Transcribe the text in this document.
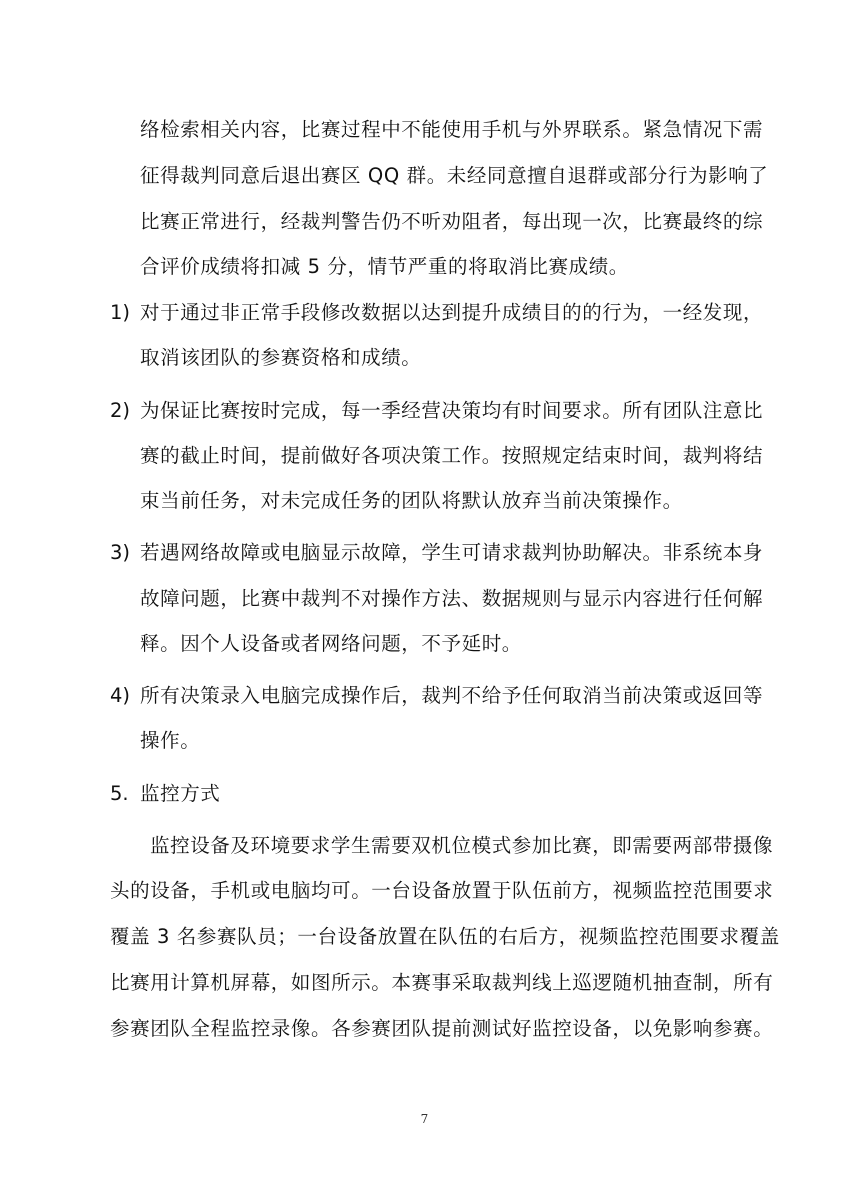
络检索相关内容，比赛过程中不能使用手机与外界联系。紧急情况下需
征得裁判同意后退出赛区 QQ 群。未经同意擅自退群或部分行为影响了
比赛正常进行，经裁判警告仍不听劝阻者，每出现一次，比赛最终的综
合评价成绩将扣减 5 分，情节严重的将取消比赛成绩。
1) 对于通过非正常手段修改数据以达到提升成绩目的的行为，一经发现，
取消该团队的参赛资格和成绩。
2) 为保证比赛按时完成，每一季经营决策均有时间要求。所有团队注意比
赛的截止时间，提前做好各项决策工作。按照规定结束时间，裁判将结
束当前任务，对未完成任务的团队将默认放弃当前决策操作。
3) 若遇网络故障或电脑显示故障，学生可请求裁判协助解决。非系统本身
故障问题，比赛中裁判不对操作方法、数据规则与显示内容进行任何解
释。因个人设备或者网络问题，不予延时。
4) 所有决策录入电脑完成操作后，裁判不给予任何取消当前决策或返回等
操作。
5. 监控方式
监控设备及环境要求学生需要双机位模式参加比赛，即需要两部带摄像
头的设备，手机或电脑均可。一台设备放置于队伍前方，视频监控范围要求
覆盖 3 名参赛队员；一台设备放置在队伍的右后方，视频监控范围要求覆盖
比赛用计算机屏幕，如图所示。本赛事采取裁判线上巡逻随机抽查制，所有
参赛团队全程监控录像。各参赛团队提前测试好监控设备，以免影响参赛。
7
